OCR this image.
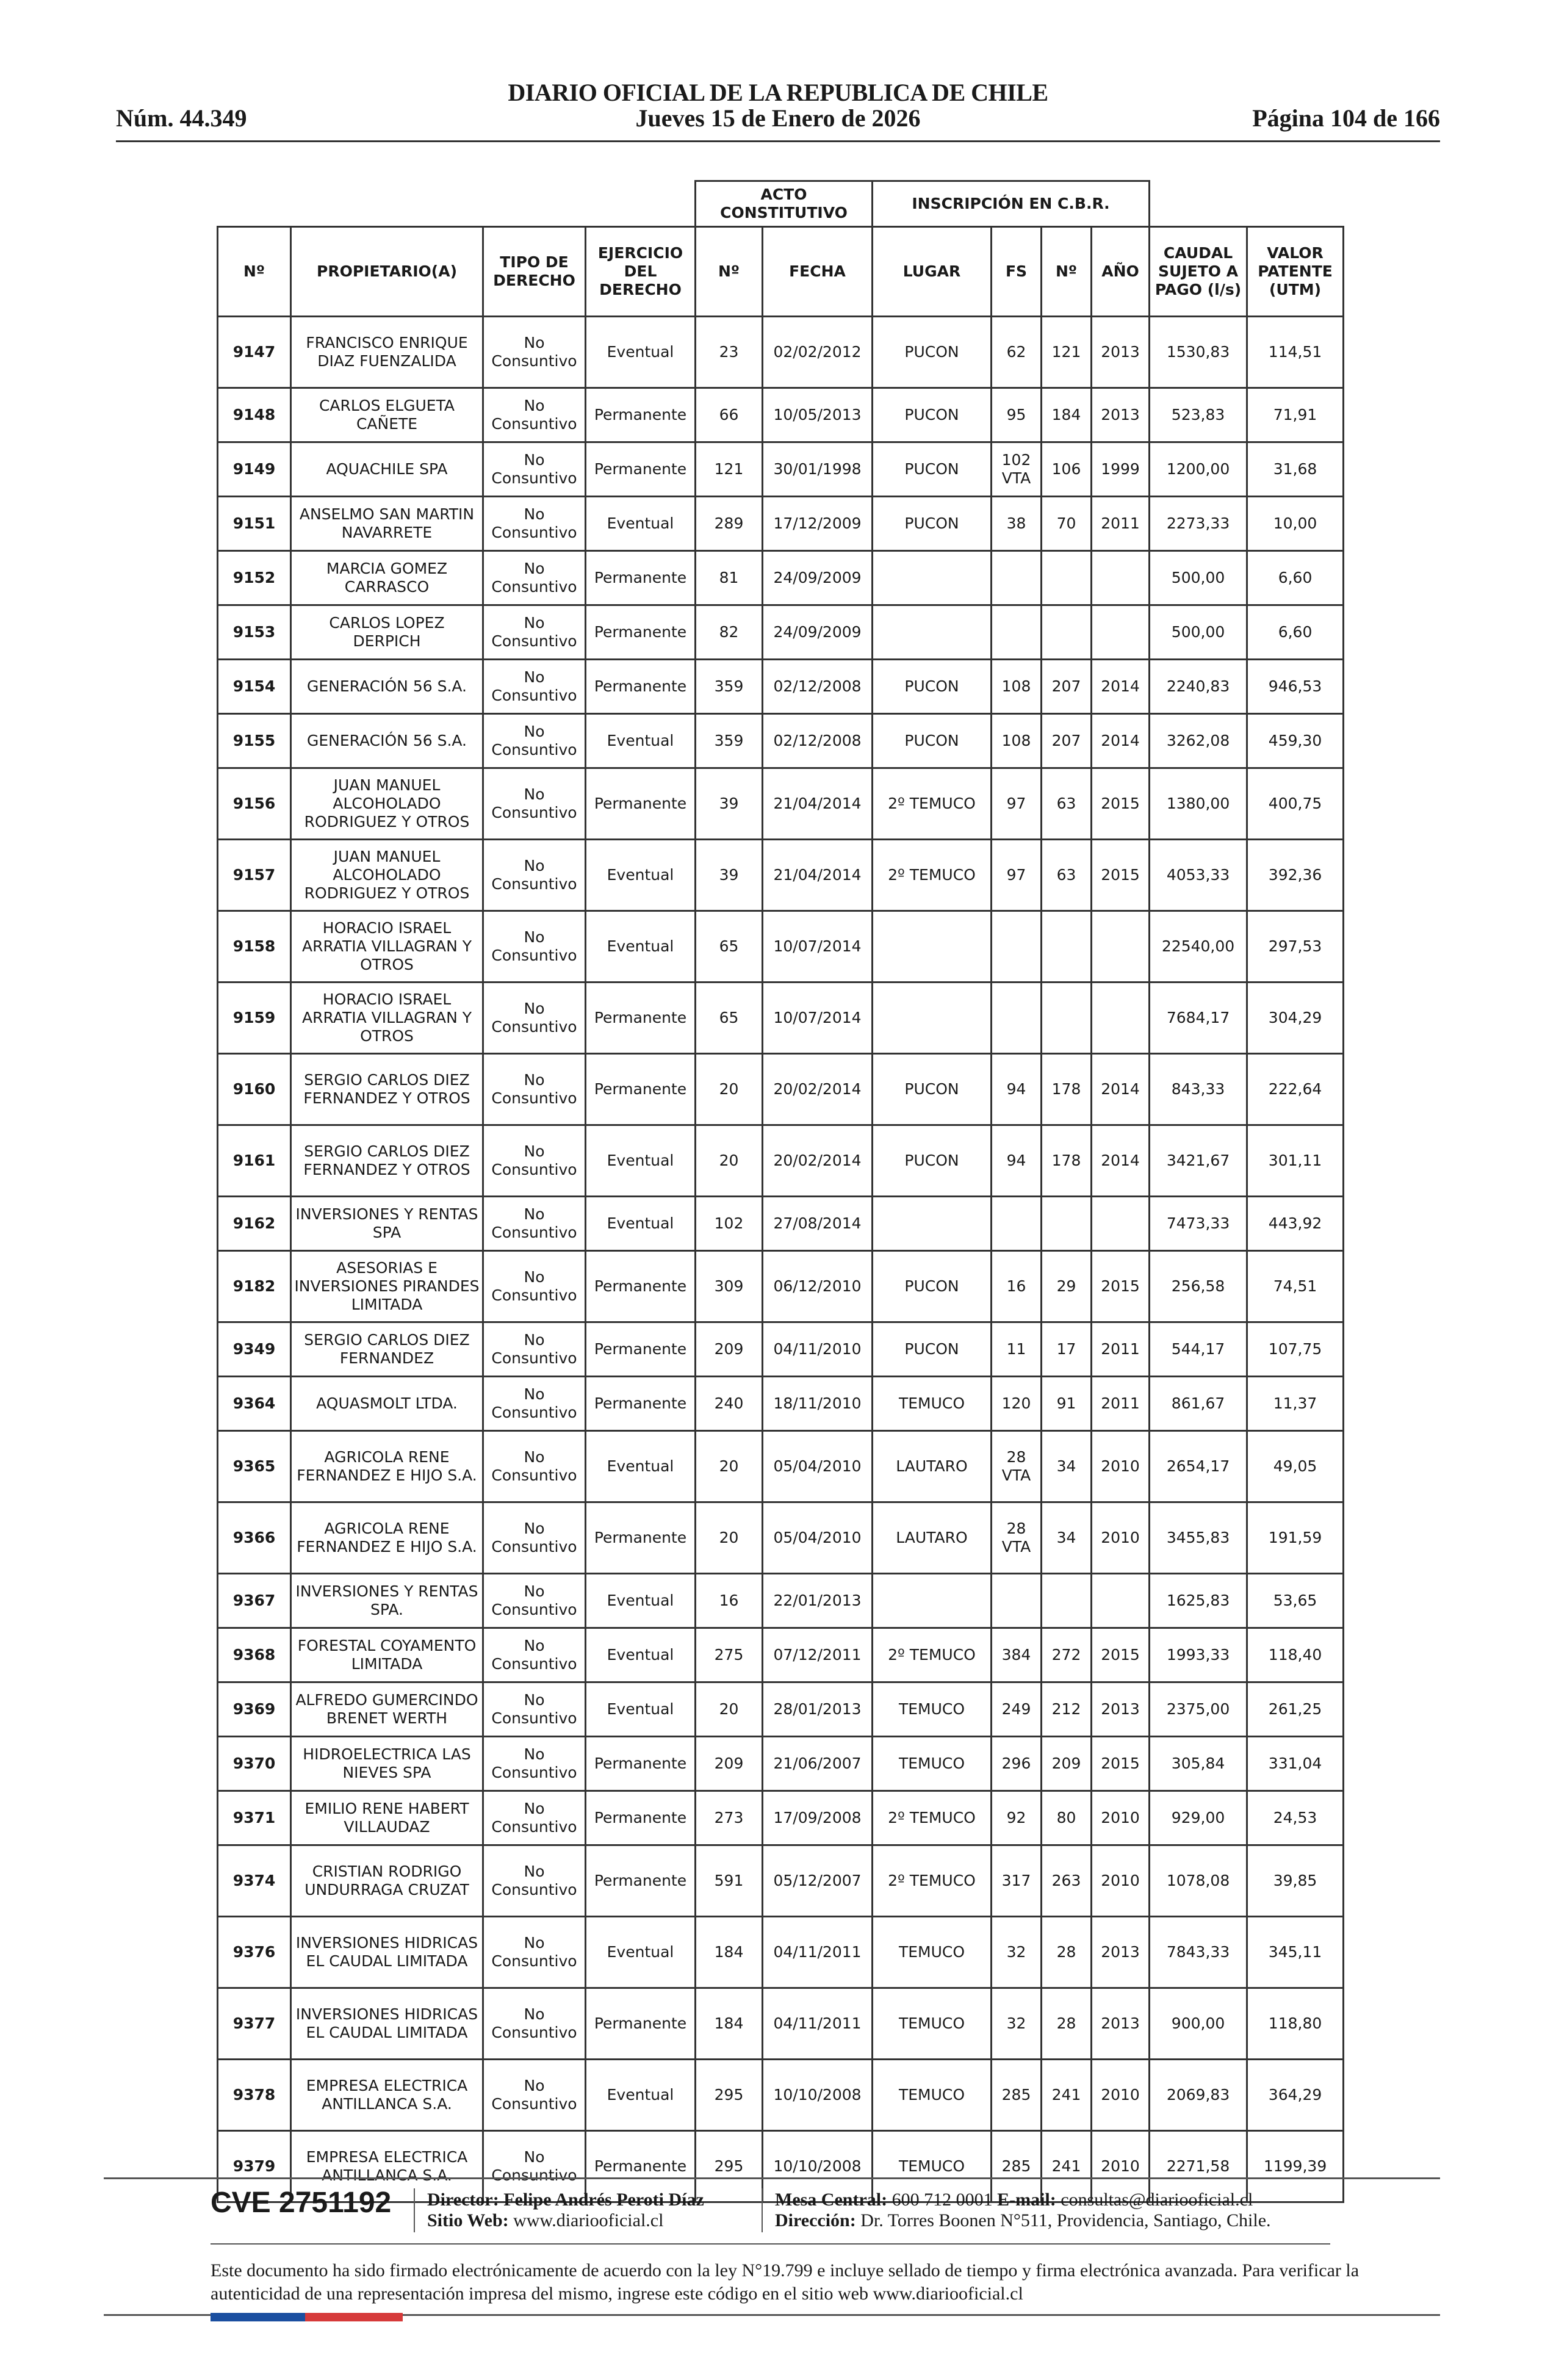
DIARIO OFICIAL DE LA REPUBLICA DE CHILE
Núm. 44.349	Jueves 15 de Enero de 2026	Página 104 de 166
				ACTO CONSTITUTIVO		INSCRIPCIÓN EN C.B.R.					
Nº	PROPIETARIO(A)	TIPO DE DERECHO	EJERCICIO DEL DERECHO	Nº	FECHA	LUGAR	FS	Nº	AÑO	CAUDAL SUJETO A PAGO (l/s)	VALOR PATENTE (UTM)
9147	FRANCISCO ENRIQUE DIAZ FUENZALIDA	No Consuntivo	Eventual	23	02/02/2012	PUCON	62	121	2013	1530,83	114,51
9148	CARLOS ELGUETA CAÑETE	No Consuntivo	Permanente	66	10/05/2013	PUCON	95	184	2013	523,83	71,91
9149	AQUACHILE SPA	No Consuntivo	Permanente	121	30/01/1998	PUCON	102 VTA	106	1999	1200,00	31,68
9151	ANSELMO SAN MARTIN NAVARRETE	No Consuntivo	Eventual	289	17/12/2009	PUCON	38	70	2011	2273,33	10,00
9152	MARCIA GOMEZ CARRASCO	No Consuntivo	Permanente	81	24/09/2009					500,00	6,60
9153	CARLOS LOPEZ DERPICH	No Consuntivo	Permanente	82	24/09/2009					500,00	6,60
9154	GENERACIÓN 56 S.A.	No Consuntivo	Permanente	359	02/12/2008	PUCON	108	207	2014	2240,83	946,53
9155	GENERACIÓN 56 S.A.	No Consuntivo	Eventual	359	02/12/2008	PUCON	108	207	2014	3262,08	459,30
9156	JUAN MANUEL ALCOHOLADO RODRIGUEZ Y OTROS	No Consuntivo	Permanente	39	21/04/2014	2º TEMUCO	97	63	2015	1380,00	400,75
9157	JUAN MANUEL ALCOHOLADO RODRIGUEZ Y OTROS	No Consuntivo	Eventual	39	21/04/2014	2º TEMUCO	97	63	2015	4053,33	392,36
9158	HORACIO ISRAEL ARRATIA VILLAGRAN Y OTROS	No Consuntivo	Eventual	65	10/07/2014					22540,00	297,53
9159	HORACIO ISRAEL ARRATIA VILLAGRAN Y OTROS	No Consuntivo	Permanente	65	10/07/2014					7684,17	304,29
9160	SERGIO CARLOS DIEZ FERNANDEZ Y OTROS	No Consuntivo	Permanente	20	20/02/2014	PUCON	94	178	2014	843,33	222,64
9161	SERGIO CARLOS DIEZ FERNANDEZ Y OTROS	No Consuntivo	Eventual	20	20/02/2014	PUCON	94	178	2014	3421,67	301,11
9162	INVERSIONES Y RENTAS SPA	No Consuntivo	Eventual	102	27/08/2014					7473,33	443,92
9182	ASESORIAS E INVERSIONES PIRANDES LIMITADA	No Consuntivo	Permanente	309	06/12/2010	PUCON	16	29	2015	256,58	74,51
9349	SERGIO CARLOS DIEZ FERNANDEZ	No Consuntivo	Permanente	209	04/11/2010	PUCON	11	17	2011	544,17	107,75
9364	AQUASMOLT LTDA.	No Consuntivo	Permanente	240	18/11/2010	TEMUCO	120	91	2011	861,67	11,37
9365	AGRICOLA RENE FERNANDEZ E HIJO S.A.	No Consuntivo	Eventual	20	05/04/2010	LAUTARO	28 VTA	34	2010	2654,17	49,05
9366	AGRICOLA RENE FERNANDEZ E HIJO S.A.	No Consuntivo	Permanente	20	05/04/2010	LAUTARO	28 VTA	34	2010	3455,83	191,59
9367	INVERSIONES Y RENTAS SPA.	No Consuntivo	Eventual	16	22/01/2013					1625,83	53,65
9368	FORESTAL COYAMENTO LIMITADA	No Consuntivo	Eventual	275	07/12/2011	2º TEMUCO	384	272	2015	1993,33	118,40
9369	ALFREDO GUMERCINDO BRENET WERTH	No Consuntivo	Eventual	20	28/01/2013	TEMUCO	249	212	2013	2375,00	261,25
9370	HIDROELECTRICA LAS NIEVES SPA	No Consuntivo	Permanente	209	21/06/2007	TEMUCO	296	209	2015	305,84	331,04
9371	EMILIO RENE HABERT VILLAUDAZ	No Consuntivo	Permanente	273	17/09/2008	2º TEMUCO	92	80	2010	929,00	24,53
9374	CRISTIAN RODRIGO UNDURRAGA CRUZAT	No Consuntivo	Permanente	591	05/12/2007	2º TEMUCO	317	263	2010	1078,08	39,85
9376	INVERSIONES HIDRICAS EL CAUDAL LIMITADA	No Consuntivo	Eventual	184	04/11/2011	TEMUCO	32	28	2013	7843,33	345,11
9377	INVERSIONES HIDRICAS EL CAUDAL LIMITADA	No Consuntivo	Permanente	184	04/11/2011	TEMUCO	32	28	2013	900,00	118,80
9378	EMPRESA ELECTRICA ANTILLANCA S.A.	No Consuntivo	Eventual	295	10/10/2008	TEMUCO	285	241	2010	2069,83	364,29
9379	EMPRESA ELECTRICA ANTILLANCA S.A.	No Consuntivo	Permanente	295	10/10/2008	TEMUCO	285	241	2010	2271,58	1199,39
CVE 2751192 Director: Felipe Andrés Peroti Díaz
Sitio Web: www.diariooficial.cl
Mesa Central: 600 712 0001 E-mail: consultas@diariooficial.cl
Dirección: Dr. Torres Boonen N°511, Providencia, Santiago, Chile.
Este documento ha sido firmado electrónicamente de acuerdo con la ley N°19.799 e incluye sellado de tiempo y firma electrónica avanzada. Para verificar la autenticidad de una representación impresa del mismo, ingrese este código en el sitio web www.diariooficial.cl
